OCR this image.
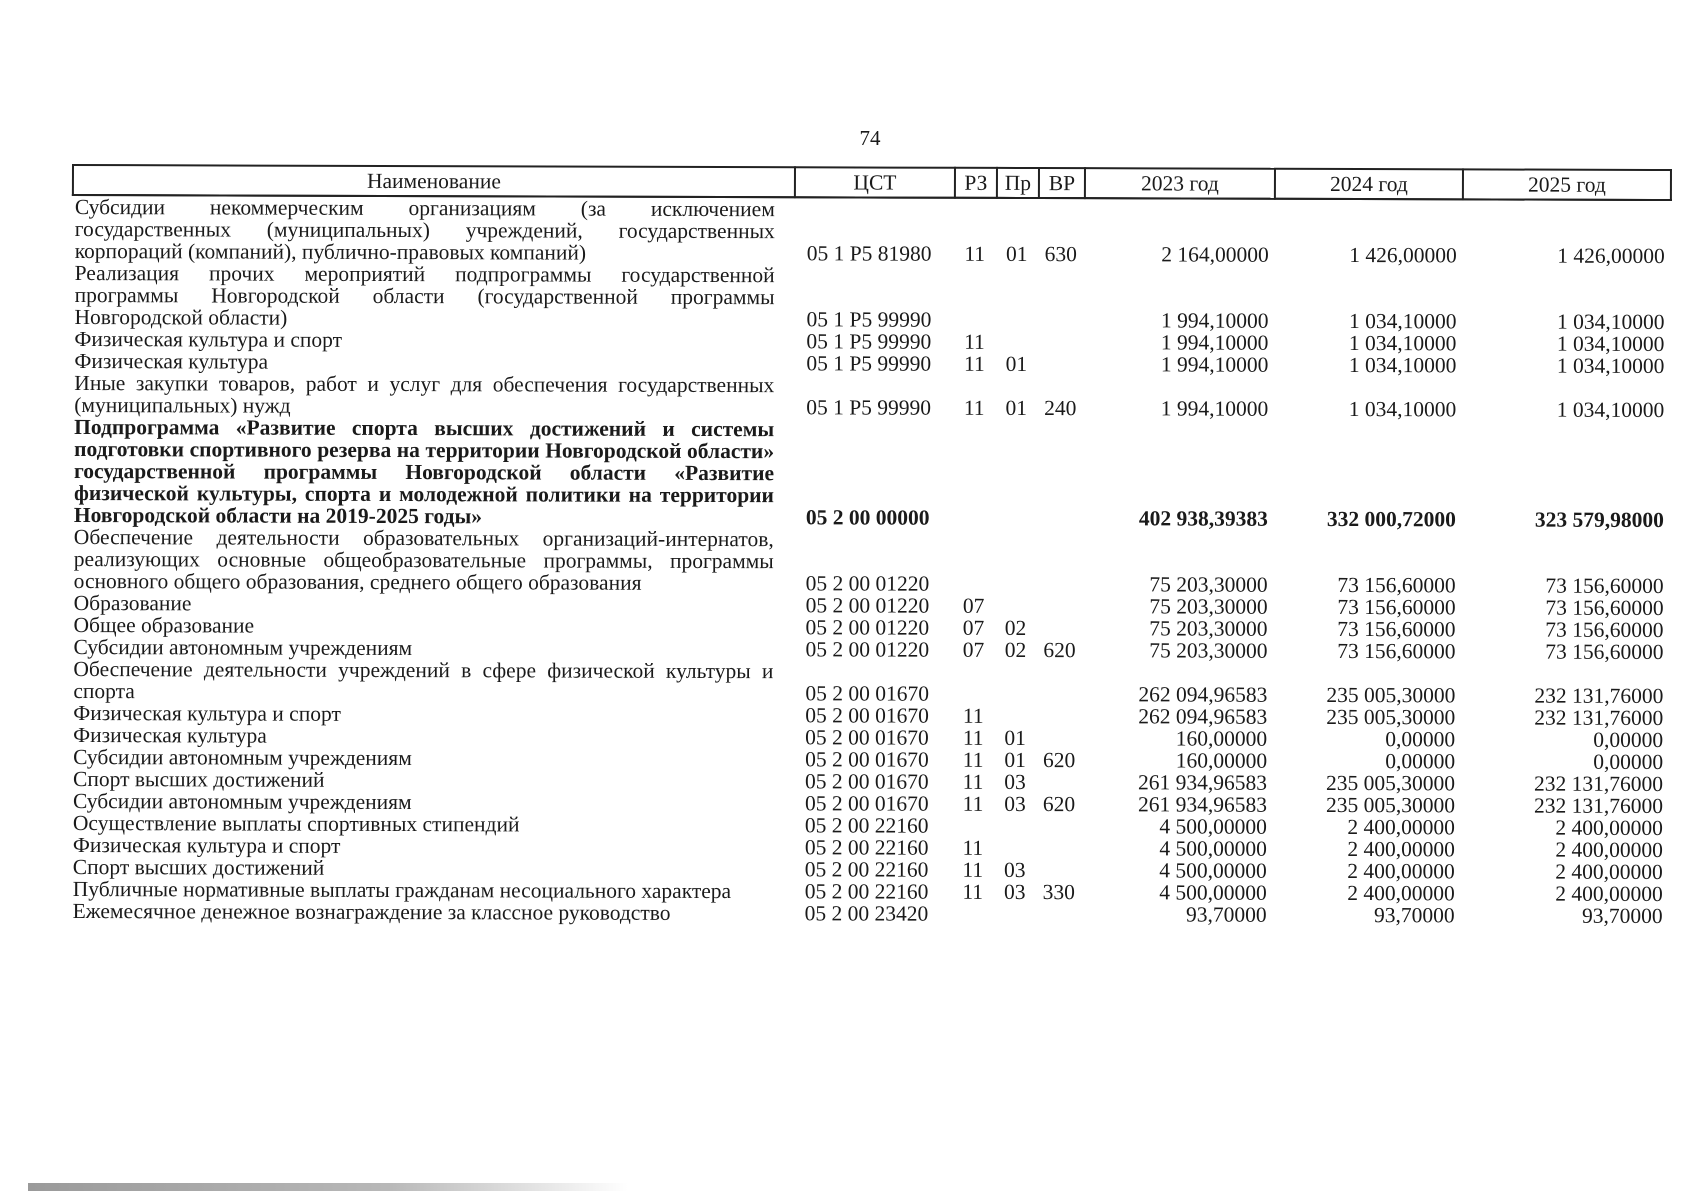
74
Наименование	ЦСТ	РЗ	Пр	ВР	2023 год	2024 год	2025 год
Субсидии некоммерческим организациям (за исключением государственных (муниципальных) учреждений, государственных корпораций (компаний), публично-правовых компаний)	05 1 P5 81980	11	01	630	2 164,00000	1 426,00000	1 426,00000
Реализация прочих мероприятий подпрограммы государственной программы Новгородской области (государственной программы Новгородской области)	05 1 P5 99990				1 994,10000	1 034,10000	1 034,10000
Физическая культура и спорт	05 1 P5 99990	11			1 994,10000	1 034,10000	1 034,10000
Физическая культура	05 1 P5 99990	11	01		1 994,10000	1 034,10000	1 034,10000
Иные закупки товаров, работ и услуг для обеспечения государственных (муниципальных) нужд	05 1 P5 99990	11	01	240	1 994,10000	1 034,10000	1 034,10000
Подпрограмма «Развитие спорта высших достижений и системы подготовки спортивного резерва на территории Новгородской области» государственной программы Новгородской области «Развитие физической культуры, спорта и молодежной политики на территории Новгородской области на 2019-2025 годы»	05 2 00 00000				402 938,39383	332 000,72000	323 579,98000
Обеспечение деятельности образовательных организаций-интернатов, реализующих основные общеобразовательные программы, программы основного общего образования, среднего общего образования	05 2 00 01220				75 203,30000	73 156,60000	73 156,60000
Образование	05 2 00 01220	07			75 203,30000	73 156,60000	73 156,60000
Общее образование	05 2 00 01220	07	02		75 203,30000	73 156,60000	73 156,60000
Субсидии автономным учреждениям	05 2 00 01220	07	02	620	75 203,30000	73 156,60000	73 156,60000
Обеспечение деятельности учреждений в сфере физической культуры и спорта	05 2 00 01670				262 094,96583	235 005,30000	232 131,76000
Физическая культура и спорт	05 2 00 01670	11			262 094,96583	235 005,30000	232 131,76000
Физическая культура	05 2 00 01670	11	01		160,00000	0,00000	0,00000
Субсидии автономным учреждениям	05 2 00 01670	11	01	620	160,00000	0,00000	0,00000
Спорт высших достижений	05 2 00 01670	11	03		261 934,96583	235 005,30000	232 131,76000
Субсидии автономным учреждениям	05 2 00 01670	11	03	620	261 934,96583	235 005,30000	232 131,76000
Осуществление выплаты спортивных стипендий	05 2 00 22160				4 500,00000	2 400,00000	2 400,00000
Физическая культура и спорт	05 2 00 22160	11			4 500,00000	2 400,00000	2 400,00000
Спорт высших достижений	05 2 00 22160	11	03		4 500,00000	2 400,00000	2 400,00000
Публичные нормативные выплаты гражданам несоциального характера	05 2 00 22160	11	03	330	4 500,00000	2 400,00000	2 400,00000
Ежемесячное денежное вознаграждение за классное руководство	05 2 00 23420				93,70000	93,70000	93,70000
